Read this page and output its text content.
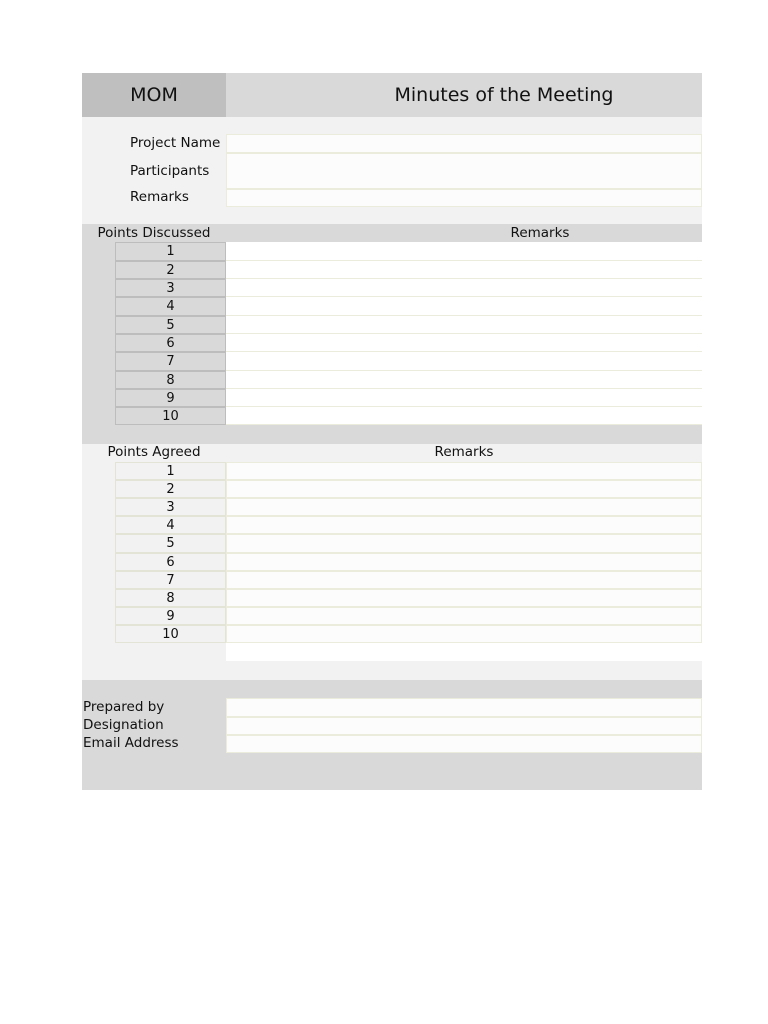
MOM	Minutes of the Meeting
Project Name
Participants
Remarks
Points Discussed	Remarks
1
2
3
4
5
6
7
8
9
10
Points Agreed	Remarks
1
2
3
4
5
6
7
8
9
10
Prepared by
Designation
Email Address
